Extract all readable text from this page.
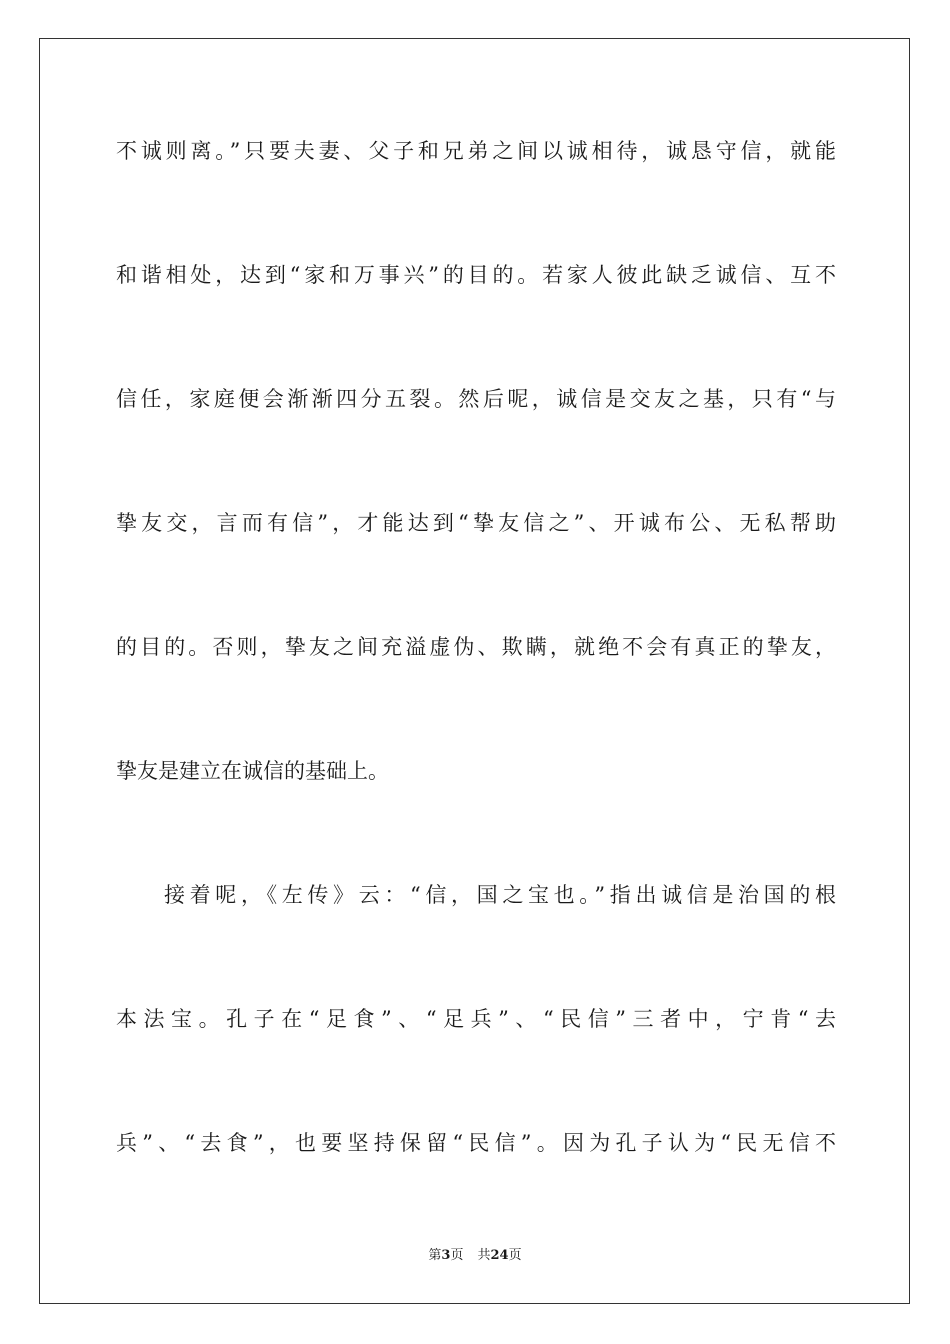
不诚则离。”只要夫妻、父子和兄弟之间以诚相待，诚恳守信，就能
和谐相处，达到“家和万事兴”的目的。若家人彼此缺乏诚信、互不
信任，家庭便会渐渐四分五裂。然后呢，诚信是交友之基，只有“与
挚友交，言而有信”，才能达到“挚友信之”、开诚布公、无私帮助
的目的。否则，挚友之间充溢虚伪、欺瞒，就绝不会有真正的挚友，
挚友是建立在诚信的基础上。
接着呢，《左传》云：“信，国之宝也。”指出诚信是治国的根
本法宝。孔子在“足食”、“足兵”、“民信”三者中，宁肯“去
兵”、“去食”，也要坚持保留“民信”。因为孔子认为“民无信不
第3页 共24页
